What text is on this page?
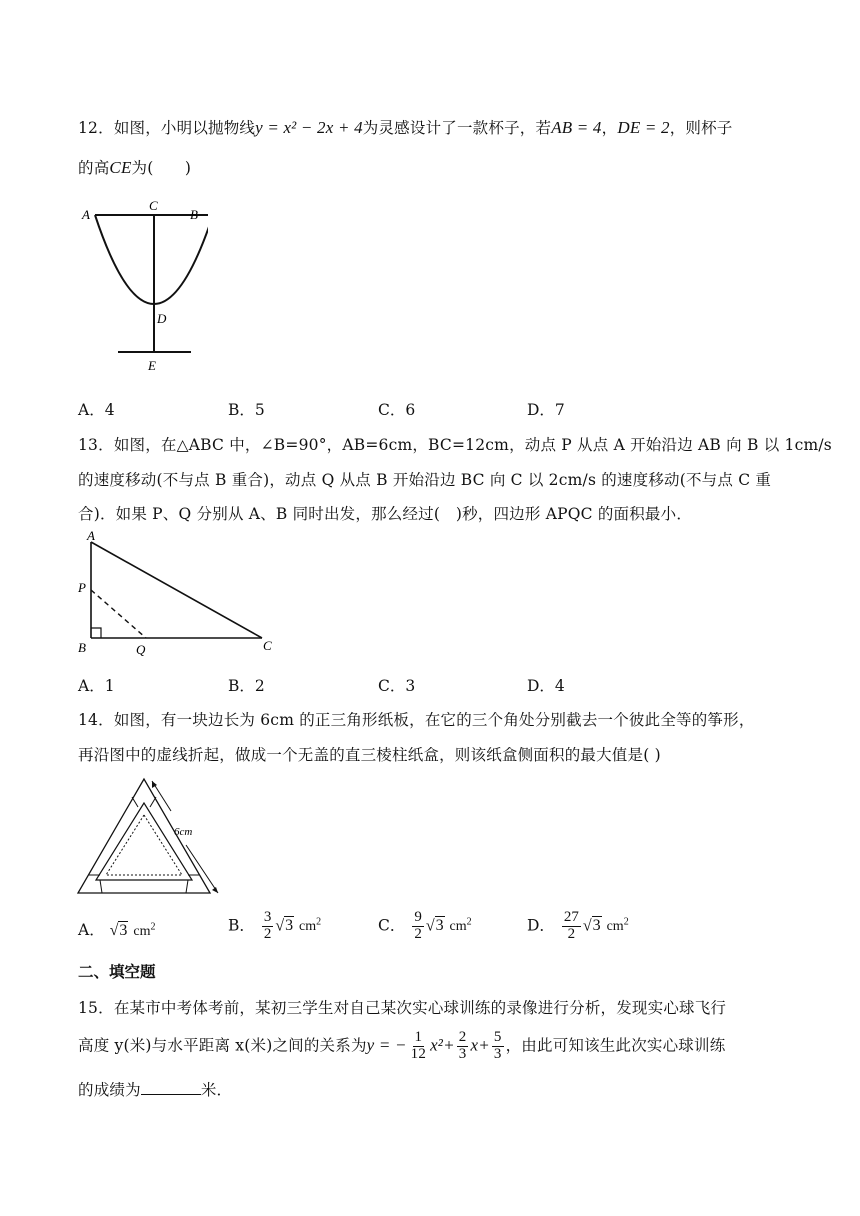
12．如图，小明以抛物线y = x² − 2x + 4为灵感设计了一款杯子，若AB = 4，DE = 2，则杯子
的高CE为(　　)
A
C
B
D
E
A．4	B．5	C．6	D．7
13．如图，在△ABC 中，∠B=90°，AB=6cm，BC=12cm，动点 P 从点 A 开始沿边 AB 向 B 以 1cm/s
的速度移动(不与点 B 重合)，动点 Q 从点 B 开始沿边 BC 向 C 以 2cm/s 的速度移动(不与点 C 重
合)．如果 P、Q 分别从 A、B 同时出发，那么经过(　)秒，四边形 APQC 的面积最小．
A
P
B	Q	C
A．1	B．2	C．3	D．4
14．如图，有一块边长为 6cm 的正三角形纸板，在它的三个角处分别截去一个彼此全等的筝形，
再沿图中的虚线折起，做成一个无盖的直三棱柱纸盒，则该纸盒侧面积的最大值是( )
6cm
A． √3 $cm^2$	B． $\frac{3}{2} √3$ $cm^2$	C． $\frac{9}{2} √3$ $cm^2$	D． $\frac{27}{2} √3$ $cm^2$
二、填空题
15．在某市中考体考前，某初三学生对自己某次实心球训练的录像进行分析，发现实心球飞行
高度 y(米)与水平距离 x(米)之间的关系为y = − $\frac{1}{12} x^2+ \frac{2}{3} x+ \frac{5}{3}$ ，由此可知该生此次实心球训练
的成绩为	米．
